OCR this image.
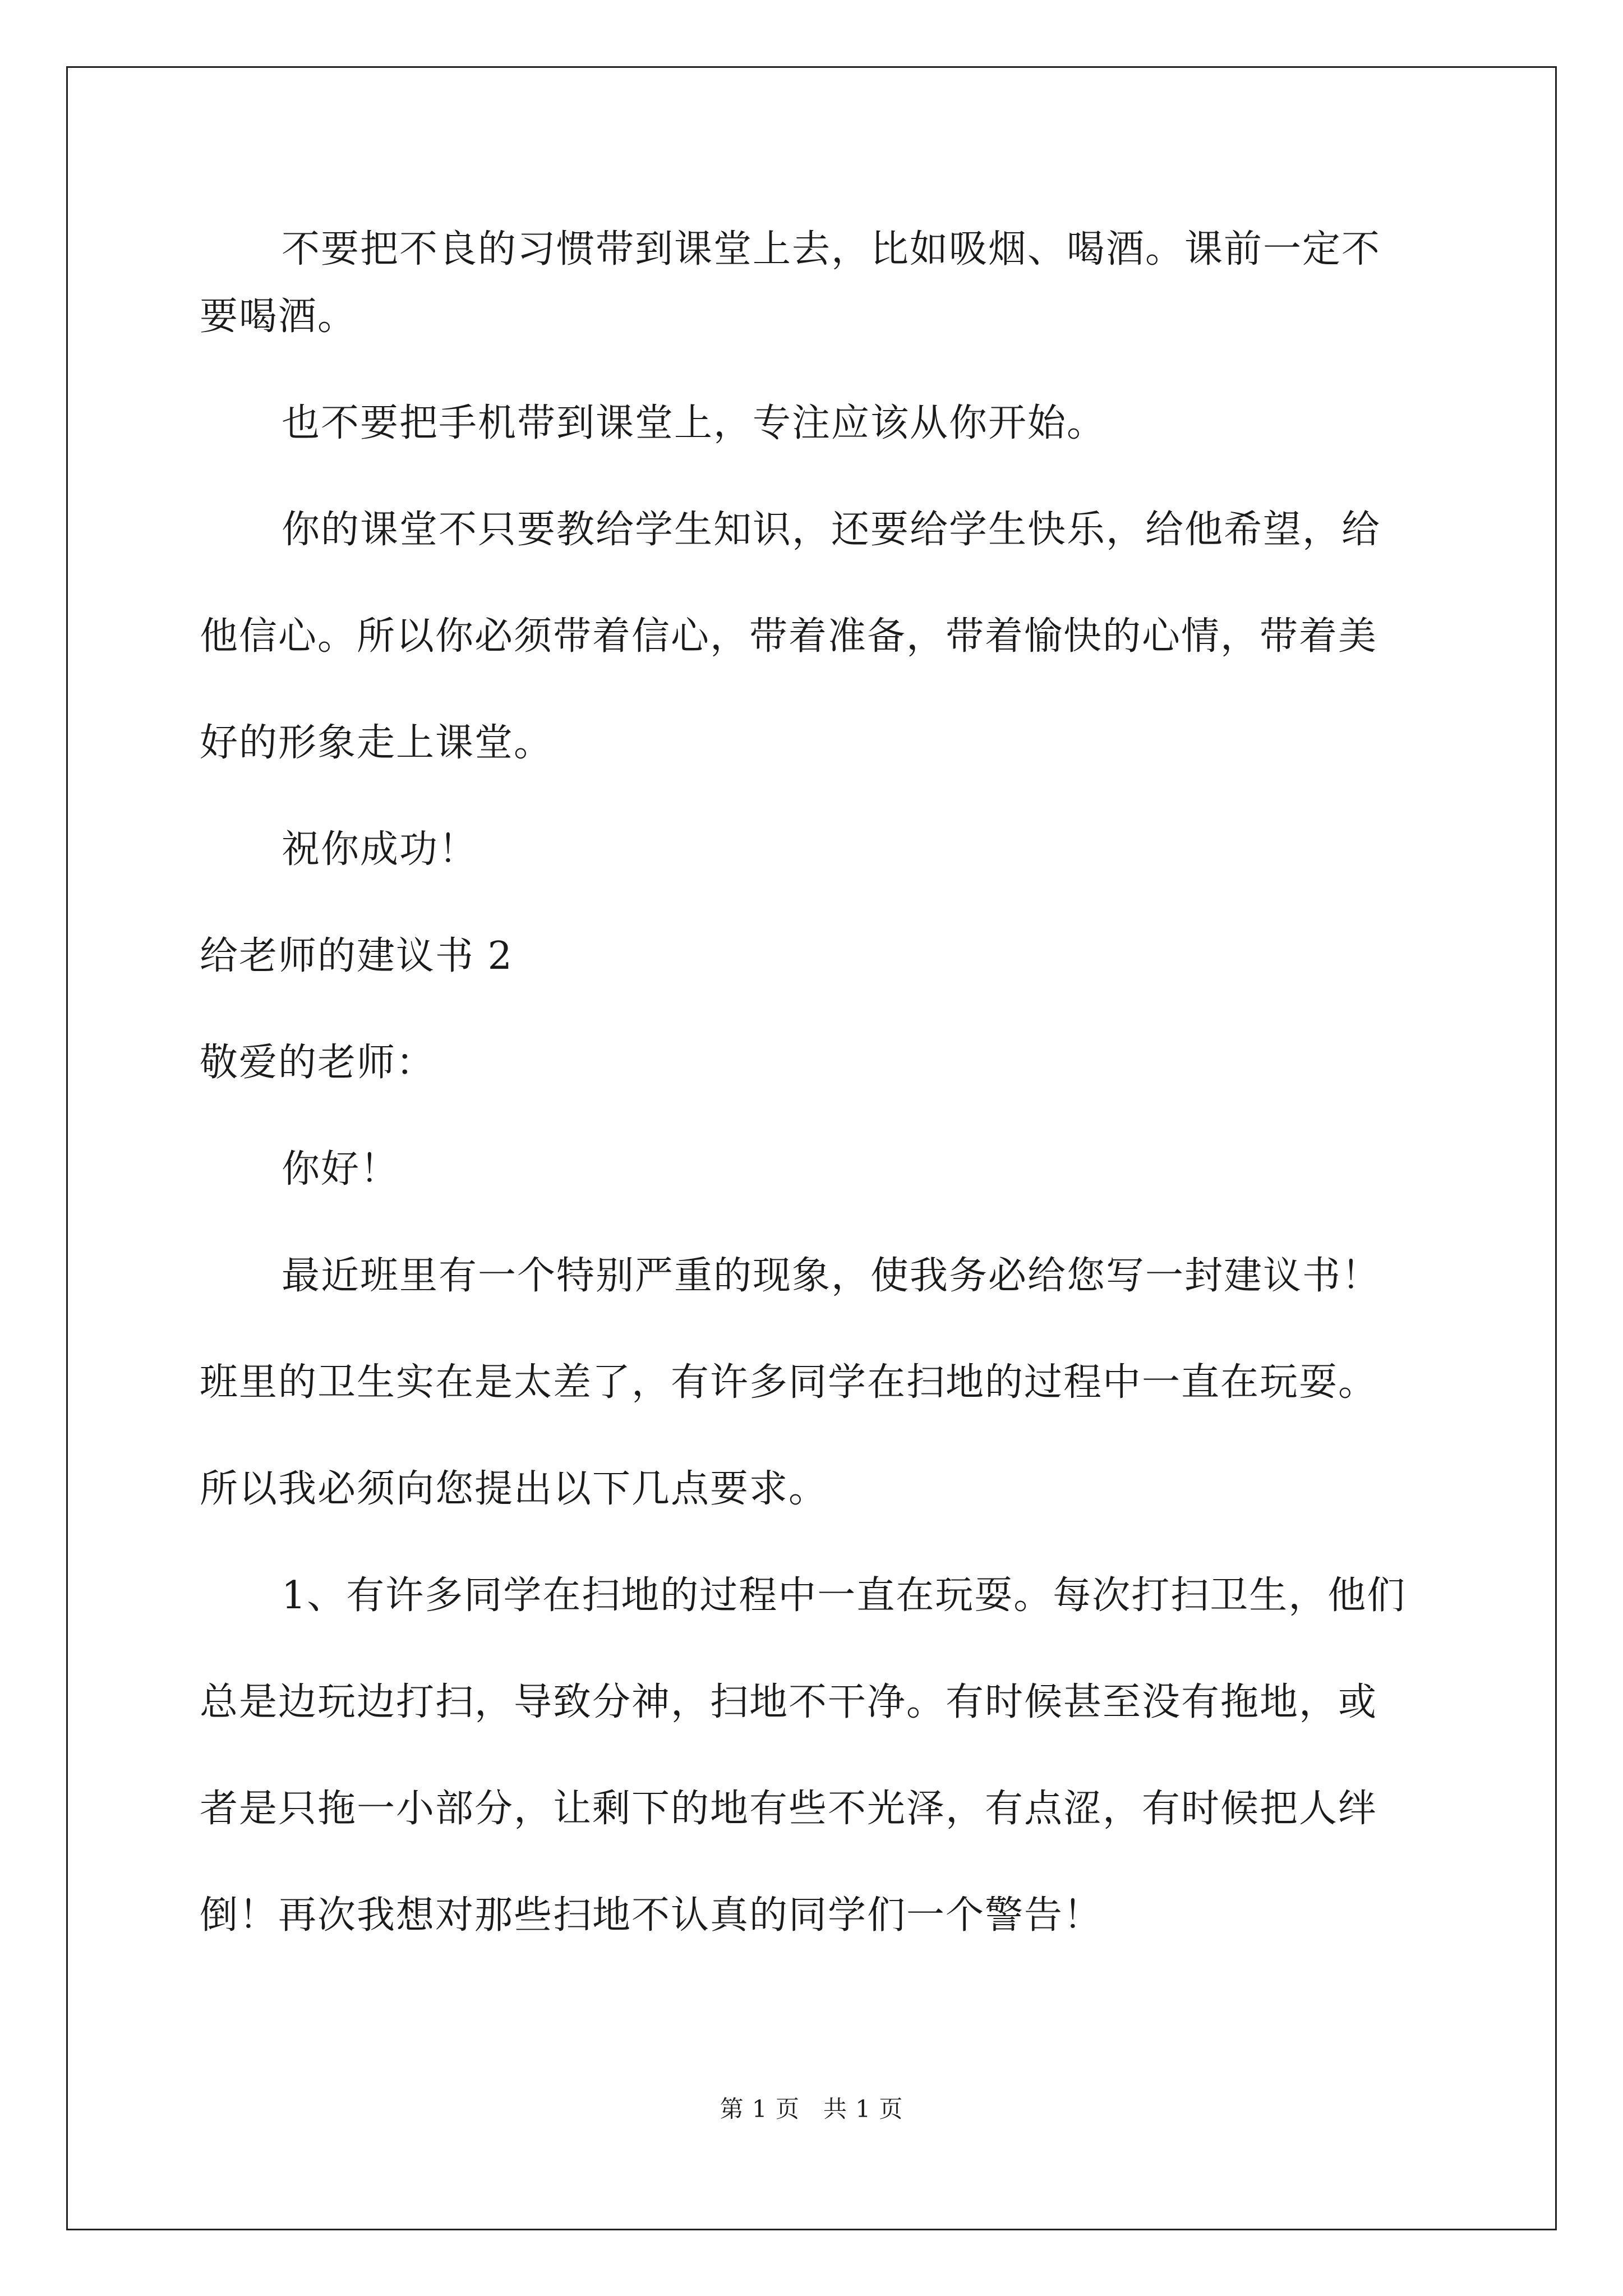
不要把不良的习惯带到课堂上去，比如吸烟、喝酒。课前一定不
要喝酒。
也不要把手机带到课堂上，专注应该从你开始。
你的课堂不只要教给学生知识，还要给学生快乐，给他希望，给
他信心。所以你必须带着信心，带着准备，带着愉快的心情，带着美
好的形象走上课堂。
祝你成功！
给老师的建议书 2
敬爱的老师：
你好！
最近班里有一个特别严重的现象，使我务必给您写一封建议书！
班里的卫生实在是太差了，有许多同学在扫地的过程中一直在玩耍。
所以我必须向您提出以下几点要求。
1、有许多同学在扫地的过程中一直在玩耍。每次打扫卫生，他们
总是边玩边打扫，导致分神，扫地不干净。有时候甚至没有拖地，或
者是只拖一小部分，让剩下的地有些不光泽，有点涩，有时候把人绊
倒！再次我想对那些扫地不认真的同学们一个警告！
第 1 页 共 1 页
